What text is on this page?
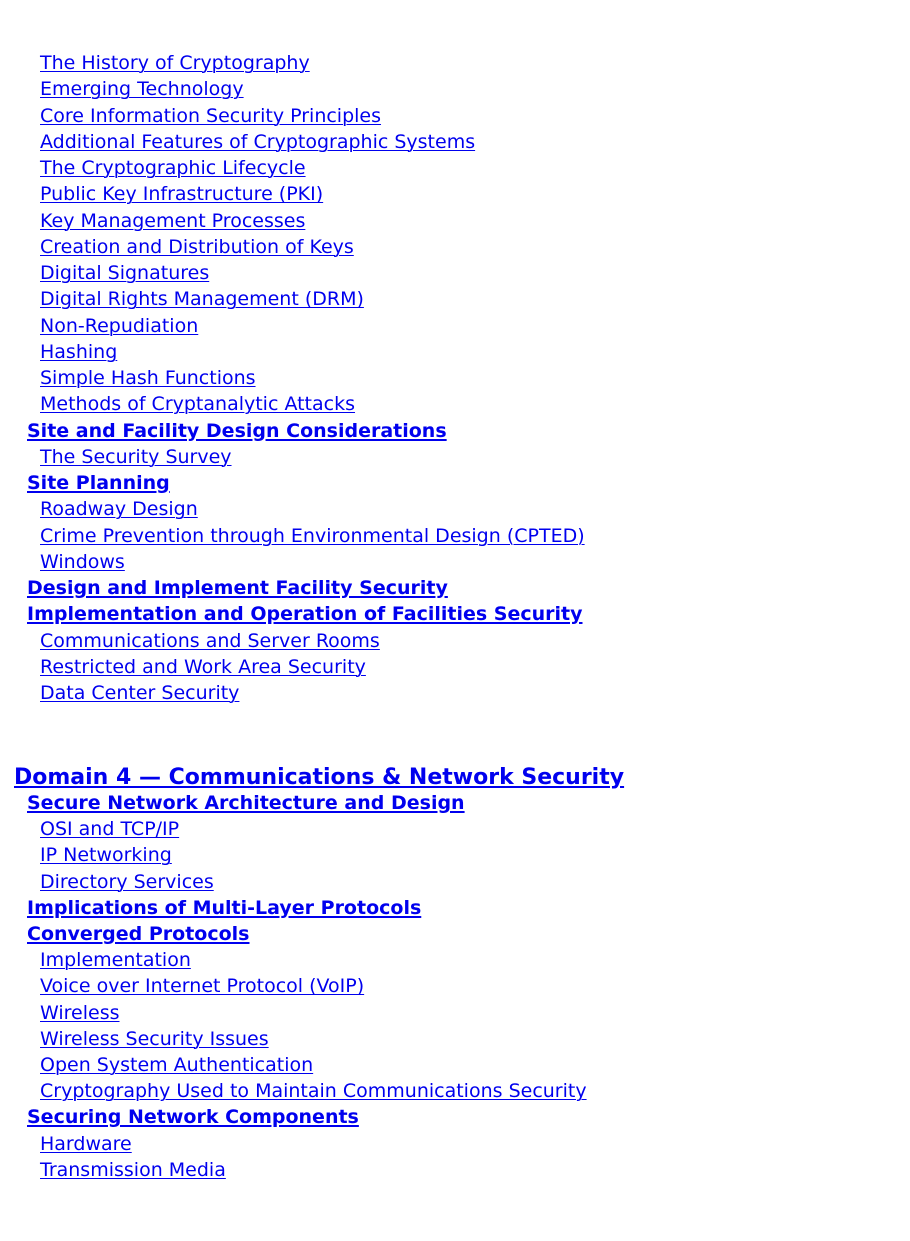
The History of Cryptography
Emerging Technology
Core Information Security Principles
Additional Features of Cryptographic Systems
The Cryptographic Lifecycle
Public Key Infrastructure (PKI)
Key Management Processes
Creation and Distribution of Keys
Digital Signatures
Digital Rights Management (DRM)
Non-Repudiation
Hashing
Simple Hash Functions
Methods of Cryptanalytic Attacks
Site and Facility Design Considerations
The Security Survey
Site Planning
Roadway Design
Crime Prevention through Environmental Design (CPTED)
Windows
Design and Implement Facility Security
Implementation and Operation of Facilities Security
Communications and Server Rooms
Restricted and Work Area Security
Data Center Security
Domain 4 — Communications & Network Security
Secure Network Architecture and Design
OSI and TCP/IP
IP Networking
Directory Services
Implications of Multi-Layer Protocols
Converged Protocols
Implementation
Voice over Internet Protocol (VoIP)
Wireless
Wireless Security Issues
Open System Authentication
Cryptography Used to Maintain Communications Security
Securing Network Components
Hardware
Transmission Media
